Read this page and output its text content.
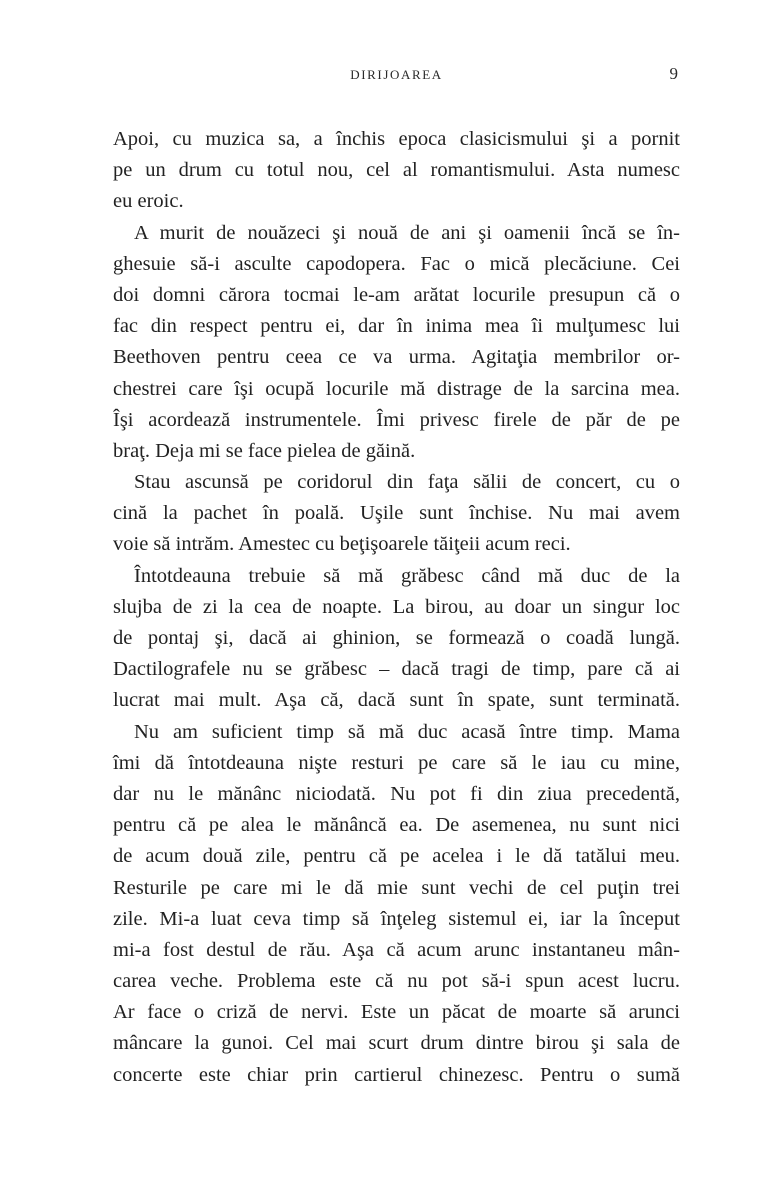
DIRIJOAREA	9
Apoi, cu muzica sa, a închis epoca clasicismului şi a pornit
pe un drum cu totul nou, cel al romantismului. Asta numesc
eu eroic.
A murit de nouăzeci şi nouă de ani şi oamenii încă se în-
ghesuie să-i asculte capodopera. Fac o mică plecăciune. Cei
doi domni cărora tocmai le-am arătat locurile presupun că o
fac din respect pentru ei, dar în inima mea îi mulţumesc lui
Beethoven pentru ceea ce va urma. Agitaţia membrilor or-
chestrei care îşi ocupă locurile mă distrage de la sarcina mea.
Îşi acordează instrumentele. Îmi privesc firele de păr de pe
braţ. Deja mi se face pielea de găină.
Stau ascunsă pe coridorul din faţa sălii de concert, cu o
cină la pachet în poală. Uşile sunt închise. Nu mai avem
voie să intrăm. Amestec cu beţişoarele tăiţeii acum reci.
Întotdeauna trebuie să mă grăbesc când mă duc de la
slujba de zi la cea de noapte. La birou, au doar un singur loc
de pontaj şi, dacă ai ghinion, se formează o coadă lungă.
Dactilografele nu se grăbesc – dacă tragi de timp, pare că ai
lucrat mai mult. Aşa că, dacă sunt în spate, sunt terminată.
Nu am suficient timp să mă duc acasă între timp. Mama
îmi dă întotdeauna nişte resturi pe care să le iau cu mine,
dar nu le mănânc niciodată. Nu pot fi din ziua precedentă,
pentru că pe alea le mănâncă ea. De asemenea, nu sunt nici
de acum două zile, pentru că pe acelea i le dă tatălui meu.
Resturile pe care mi le dă mie sunt vechi de cel puţin trei
zile. Mi-a luat ceva timp să înţeleg sistemul ei, iar la început
mi-a fost destul de rău. Aşa că acum arunc instantaneu mân-
carea veche. Problema este că nu pot să-i spun acest lucru.
Ar face o criză de nervi. Este un păcat de moarte să arunci
mâncare la gunoi. Cel mai scurt drum dintre birou şi sala de
concerte este chiar prin cartierul chinezesc. Pentru o sumă
